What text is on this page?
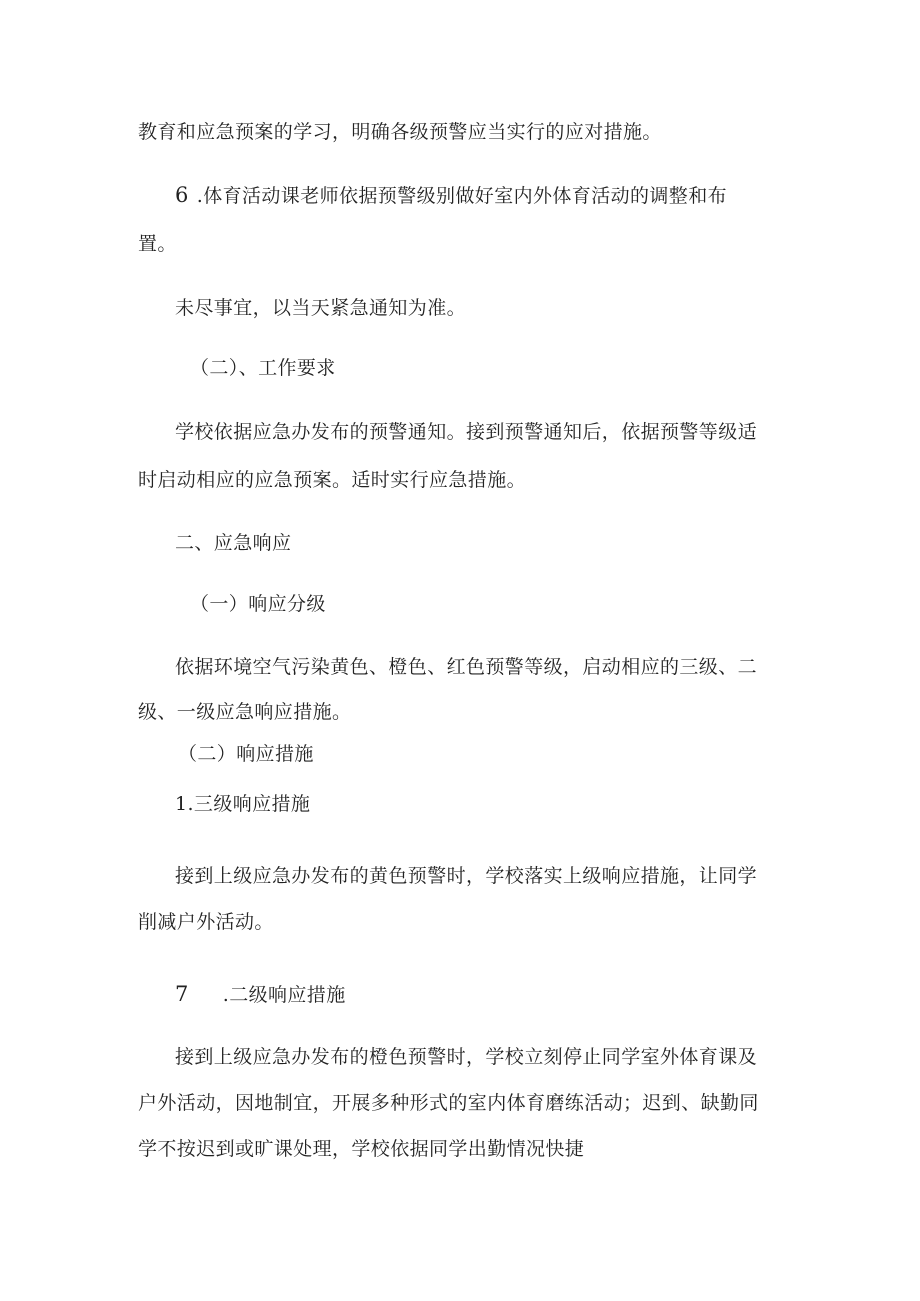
教育和应急预案的学习，明确各级预警应当实行的应对措施。
6 .体育活动课老师依据预警级别做好室内外体育活动的调整和布
置。
未尽事宜，以当天紧急通知为准。
（二）、工作要求
学校依据应急办发布的预警通知。接到预警通知后，依据预警等级适
时启动相应的应急预案。适时实行应急措施。
二、应急响应
（一）响应分级
依据环境空气污染黄色、橙色、红色预警等级，启动相应的三级、二
级、一级应急响应措施。
（二）响应措施
1.三级响应措施
接到上级应急办发布的黄色预警时，学校落实上级响应措施，让同学
削减户外活动。
7 .二级响应措施
接到上级应急办发布的橙色预警时，学校立刻停止同学室外体育课及
户外活动，因地制宜，开展多种形式的室内体育磨练活动；迟到、缺勤同
学不按迟到或旷课处理，学校依据同学出勤情况快捷
